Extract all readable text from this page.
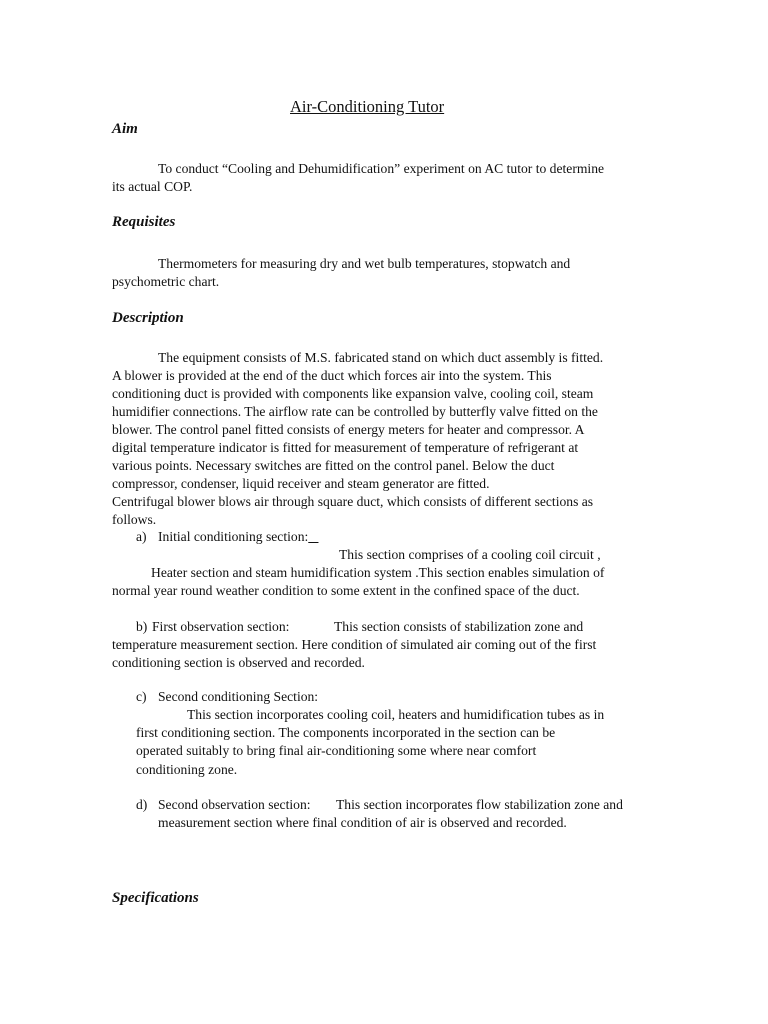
Air-Conditioning Tutor
Aim
To conduct “Cooling and Dehumidification” experiment on AC tutor to determine
its actual COP.
Requisites
Thermometers for measuring dry and wet bulb temperatures, stopwatch and
psychometric chart.
Description
The equipment consists of M.S. fabricated stand on which duct assembly is fitted.
A blower is provided at the end of the duct which forces air into the system. This
conditioning duct is provided with components like expansion valve, cooling coil, steam
humidifier connections. The airflow rate can be controlled by butterfly valve fitted on the
blower. The control panel fitted consists of energy meters for heater and compressor. A
digital temperature indicator is fitted for measurement of temperature of refrigerant at
various points. Necessary switches are fitted on the control panel. Below the duct
compressor, condenser, liquid receiver and steam generator are fitted.
Centrifugal blower blows air through square duct, which consists of different sections as
follows.
a) Initial conditioning section:
This section comprises of a cooling coil circuit ,
Heater section and steam humidification system .This section enables simulation of
normal year round weather condition to some extent in the confined space of the duct.
b) First observation section:	This section consists of stabilization zone and
temperature measurement section. Here condition of simulated air coming out of the first
conditioning section is observed and recorded.
c) Second conditioning Section:
This section incorporates cooling coil, heaters and humidification tubes as in
first conditioning section. The components incorporated in the section can be
operated suitably to bring final air-conditioning some where near comfort
conditioning zone.
d) Second observation section: This section incorporates flow stabilization zone and
measurement section where final condition of air is observed and recorded.
Specifications
